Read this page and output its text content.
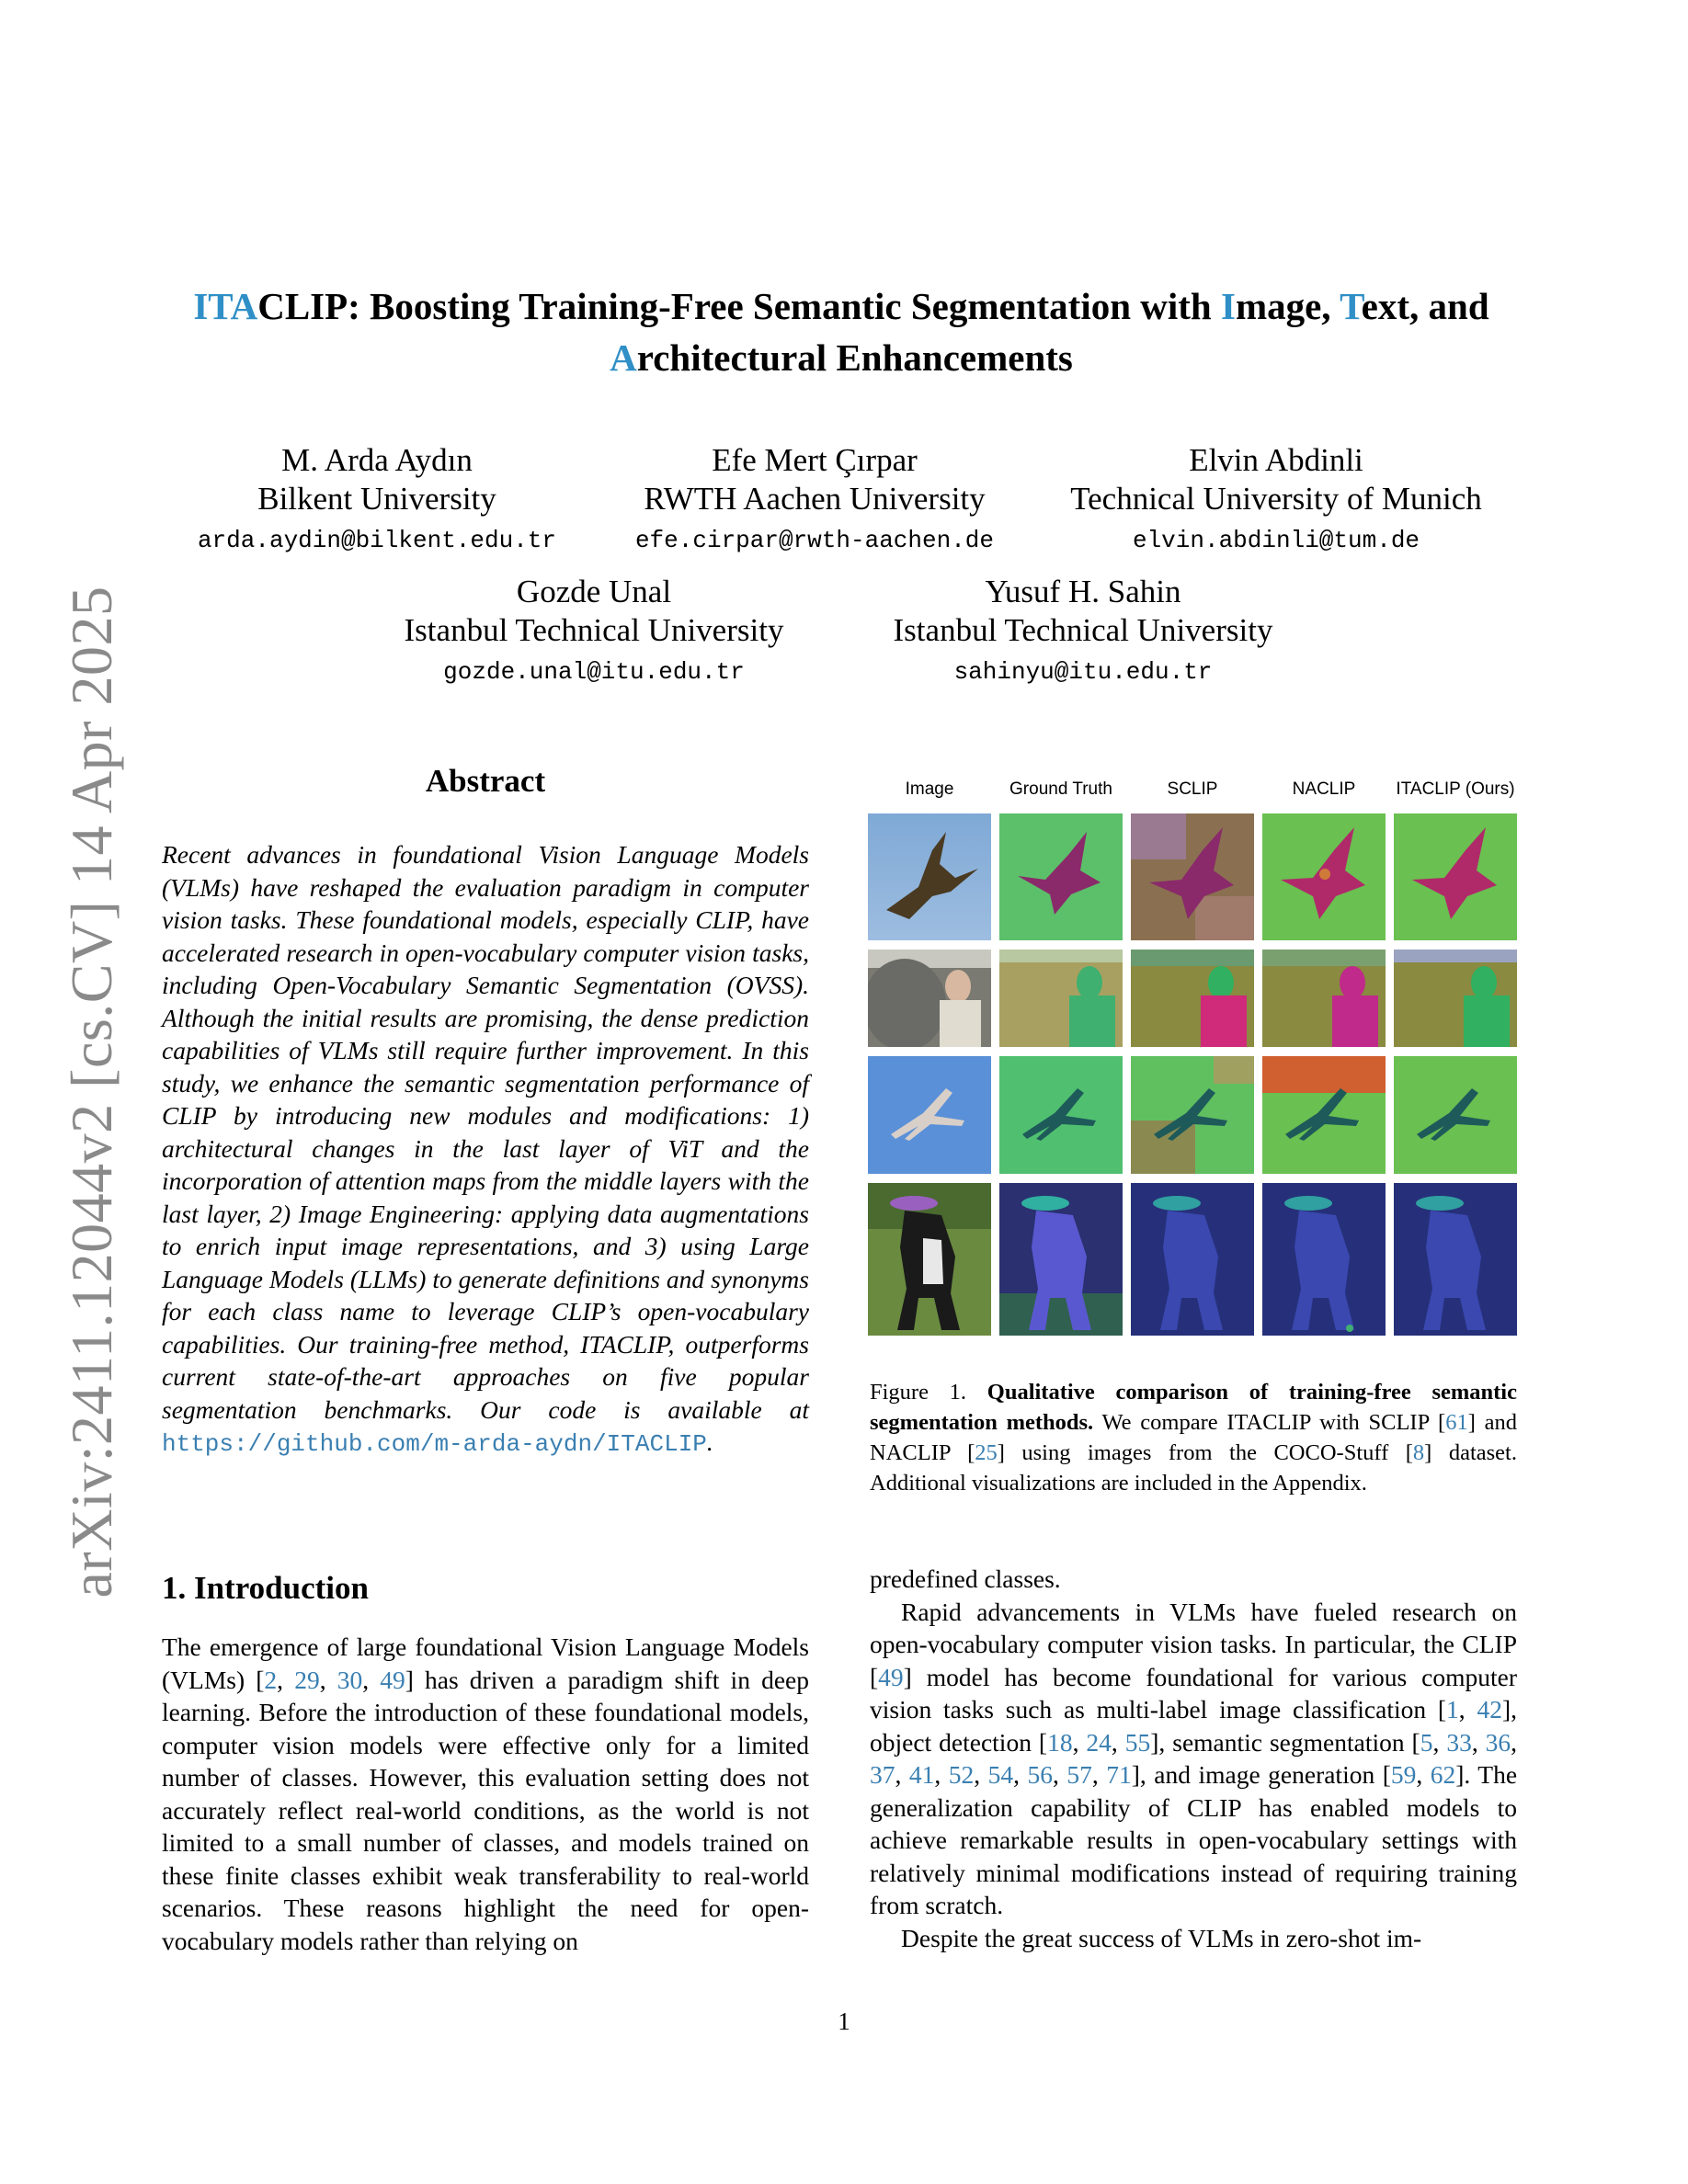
arXiv:2411.12044v2 [cs.CV] 14 Apr 2025
ITACLIP: Boosting Training-Free Semantic Segmentation with Image, Text, and
Architectural Enhancements
M. Arda Aydın
Bilkent University
arda.aydin@bilkent.edu.tr
Efe Mert Çırpar
RWTH Aachen University
efe.cirpar@rwth-aachen.de
Elvin Abdinli
Technical University of Munich
elvin.abdinli@tum.de
Gozde Unal
Istanbul Technical University
gozde.unal@itu.edu.tr
Yusuf H. Sahin
Istanbul Technical University
sahinyu@itu.edu.tr
Abstract
Recent advances in foundational Vision Language Models (VLMs) have reshaped the evaluation paradigm in computer vision tasks. These foundational models, especially CLIP, have accelerated research in open-vocabulary computer vision tasks, including Open-Vocabulary Semantic Segmentation (OVSS). Although the initial results are promising, the dense prediction capabilities of VLMs still require further improvement. In this study, we enhance the semantic segmentation performance of CLIP by introducing new modules and modifications: 1) architectural changes in the last layer of ViT and the incorporation of attention maps from the middle layers with the last layer, 2) Image Engineering: applying data augmentations to enrich input image representations, and 3) using Large Language Models (LLMs) to generate definitions and synonyms for each class name to leverage CLIP’s open-vocabulary capabilities. Our training-free method, ITACLIP, outperforms current state-of-the-art approaches on five popular segmentation benchmarks. Our code is available at https://github.com/m-arda-aydn/ITACLIP.
Image	Ground Truth	SCLIP	NACLIP	ITACLIP (Ours)
Figure 1. Qualitative comparison of training-free semantic segmentation methods. We compare ITACLIP with SCLIP [61] and NACLIP [25] using images from the COCO-Stuff [8] dataset. Additional visualizations are included in the Appendix.
1. Introduction

The emergence of large foundational Vision Language Models (VLMs) [2, 29, 30, 49] has driven a paradigm shift in deep learning. Before the introduction of these foundational models, computer vision models were effective only for a limited number of classes. However, this evaluation setting does not accurately reflect real-world conditions, as the world is not limited to a small number of classes, and models trained on these finite classes exhibit weak transferability to real-world scenarios. These reasons highlight the need for open-vocabulary models rather than relying on

predefined classes.

Rapid advancements in VLMs have fueled research on open-vocabulary computer vision tasks. In particular, the CLIP [49] model has become foundational for various computer vision tasks such as multi-label image classification [1, 42], object detection [18, 24, 55], semantic segmentation [5, 33, 36, 37, 41, 52, 54, 56, 57, 71], and image generation [59, 62]. The generalization capability of CLIP has enabled models to achieve remarkable results in open-vocabulary settings with relatively minimal modifications instead of requiring training from scratch.

Despite the great success of VLMs in zero-shot im-

1
